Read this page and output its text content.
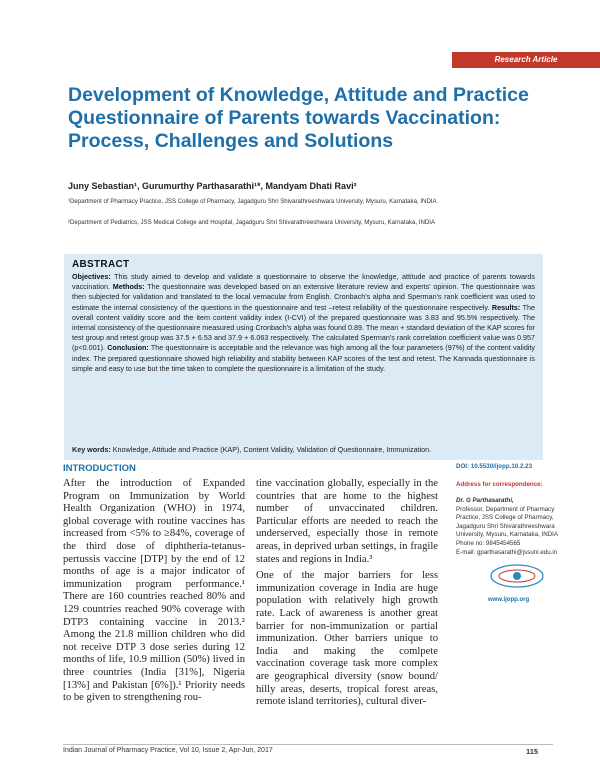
Research Article
Development of Knowledge, Attitude and Practice Questionnaire of Parents towards Vaccination: Process, Challenges and Solutions
Juny Sebastian¹, Gurumurthy Parthasarathi¹*, Mandyam Dhati Ravi²
¹Department of Pharmacy Practice, JSS College of Pharmacy, Jagadguru Shri Shivarathreeshwara University, Mysuru, Karnataka, INDIA
²Department of Pediatrics, JSS Medical College and Hospital, Jagadguru Shri Shivarathreeshwara University, Mysuru, Karnataka, INDIA
ABSTRACT
Objectives: This study aimed to develop and validate a questionnaire to observe the knowledge, attitude and practice of parents towards vaccination. Methods: The questionnaire was developed based on an extensive literature review and experts' opinion. The questionnaire was then subjected for validation and translated to the local vernacular from English. Cronbach's alpha and Sperman's rank coefficient was used to estimate the internal consistency of the questions in the questionnaire and test –retest reliability of the questionnaire respectively. Results: The overall content validity score and the item content validity index (I-CVI) of the prepared questionnaire was 3.83 and 95.5% respectively. The internal consistency of the questionnaire measured using Cronbach's alpha was found 0.89. The mean + standard deviation of the KAP scores for test group and retest group was 37.5 + 6.53 and 37.9 + 6.063 respectively. The calculated Sperman's rank correlation coefficient value was 0.957 (p<0.001). Conclusion: The questionnaire is acceptable and the relevance was high among all the four parameters (97%) of the content validity index. The prepared questionnaire showed high reliability and stability between KAP scores of the test and retest. The Kannada questionnaire is simple and easy to use but the time taken to complete the questionnaire is a limitation of the study.
Key words: Knowledge, Attitude and Practice (KAP), Content Validity, Validation of Questionnaire, Immunization.
INTRODUCTION

After the introduction of Expanded Program on Immunization by World Health Organization (WHO) in 1974, global coverage with routine vaccines has increased from <5% to ≥84%, coverage of the third dose of diphtheria-tetanus-pertussis vaccine [DTP] by the end of 12 months of age is a major indicator of immunization program performance.¹ There are 160 countries reached 80% and 129 countries reached 90% coverage with DTP3 containing vaccine in 2013.² Among the 21.8 million children who did not receive DTP 3 dose series during 12 months of life, 10.9 million (50%) lived in three countries (India [31%], Nigeria [13%] and Pakistan [6%]).¹ Priority needs to be given to strengthening rou-

tine vaccination globally, especially in the countries that are home to the highest number of unvaccinated children. Particular efforts are needed to reach the underserved, especially those in remote areas, in deprived urban settings, in fragile states and regions in India.³

One of the major barriers for less immunization coverage in India are huge population with relatively high growth rate. Lack of awareness is another great barrier for non-immunization or partial immunization. Other barriers unique to India and making the comlpete vaccination coverage task more complex are geographical diversity (snow bound/ hilly areas, deserts, tropical forest areas, remote island territories), cultural diver-

DOI: 10.5530/ijopp.10.2.23
Address for correspondence:
Dr. G Parthasarathi,
Professor, Department of Pharmacy Practice, JSS College of Pharmacy, Jagadguru Shri Shivarathreeshwara University, Mysuru, Karnataka, INDIA
Phone no: 9845454565
E-mail: gparthasarathi@jssuni.edu.in
www.ijopp.org
Indian Journal of Pharmacy Practice, Vol 10, Issue 2, Apr-Jun, 2017	115
